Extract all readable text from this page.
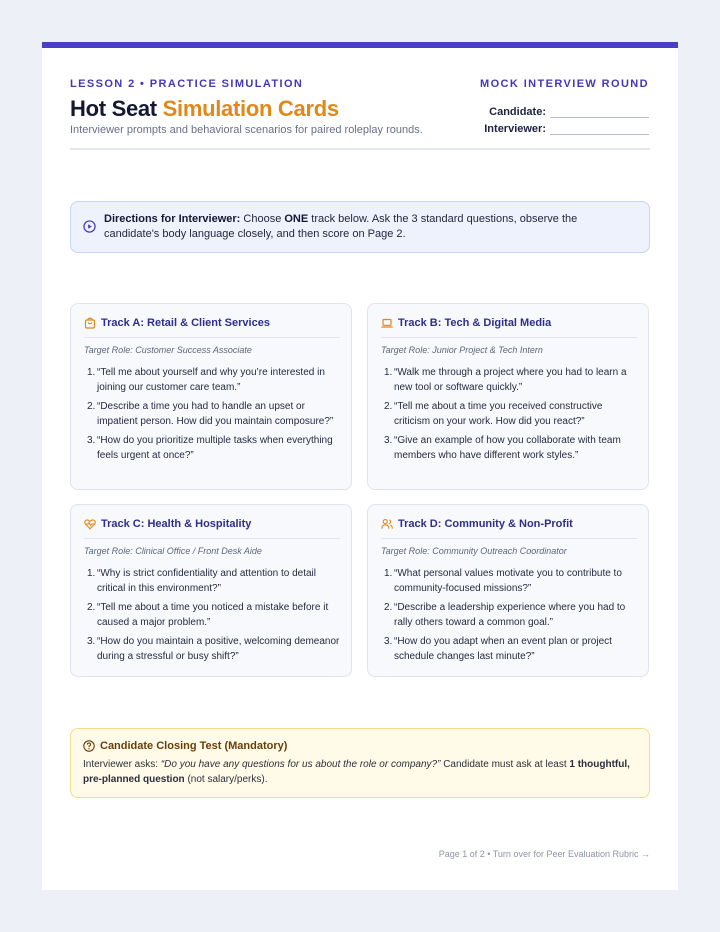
LESSON 2 • PRACTICE SIMULATION	MOCK INTERVIEW ROUND
Hot Seat Simulation Cards
Interviewer prompts and behavioral scenarios for paired roleplay rounds.
Candidate:
Interviewer:
Directions for Interviewer: Choose ONE track below. Ask the 3 standard questions, observe the candidate's body language closely, and then score on Page 2.
Track A: Retail & Client Services
Target Role: Customer Success Associate
1. “Tell me about yourself and why you’re interested in joining our customer care team.”
2. “Describe a time you had to handle an upset or impatient person. How did you maintain composure?”
3. “How do you prioritize multiple tasks when everything feels urgent at once?”
Track B: Tech & Digital Media
Target Role: Junior Project & Tech Intern
1. “Walk me through a project where you had to learn a new tool or software quickly.”
2. “Tell me about a time you received constructive criticism on your work. How did you react?”
3. “Give an example of how you collaborate with team members who have different work styles.”
Track C: Health & Hospitality
Target Role: Clinical Office / Front Desk Aide
1. “Why is strict confidentiality and attention to detail critical in this environment?”
2. “Tell me about a time you noticed a mistake before it caused a major problem.”
3. “How do you maintain a positive, welcoming demeanor during a stressful or busy shift?”
Track D: Community & Non-Profit
Target Role: Community Outreach Coordinator
1. “What personal values motivate you to contribute to community-focused missions?”
2. “Describe a leadership experience where you had to rally others toward a common goal.”
3. “How do you adapt when an event plan or project schedule changes last minute?”
Candidate Closing Test (Mandatory)
Interviewer asks: “Do you have any questions for us about the role or company?” Candidate must ask at least 1 thoughtful, pre-planned question (not salary/perks).
Page 1 of 2 • Turn over for Peer Evaluation Rubric →
